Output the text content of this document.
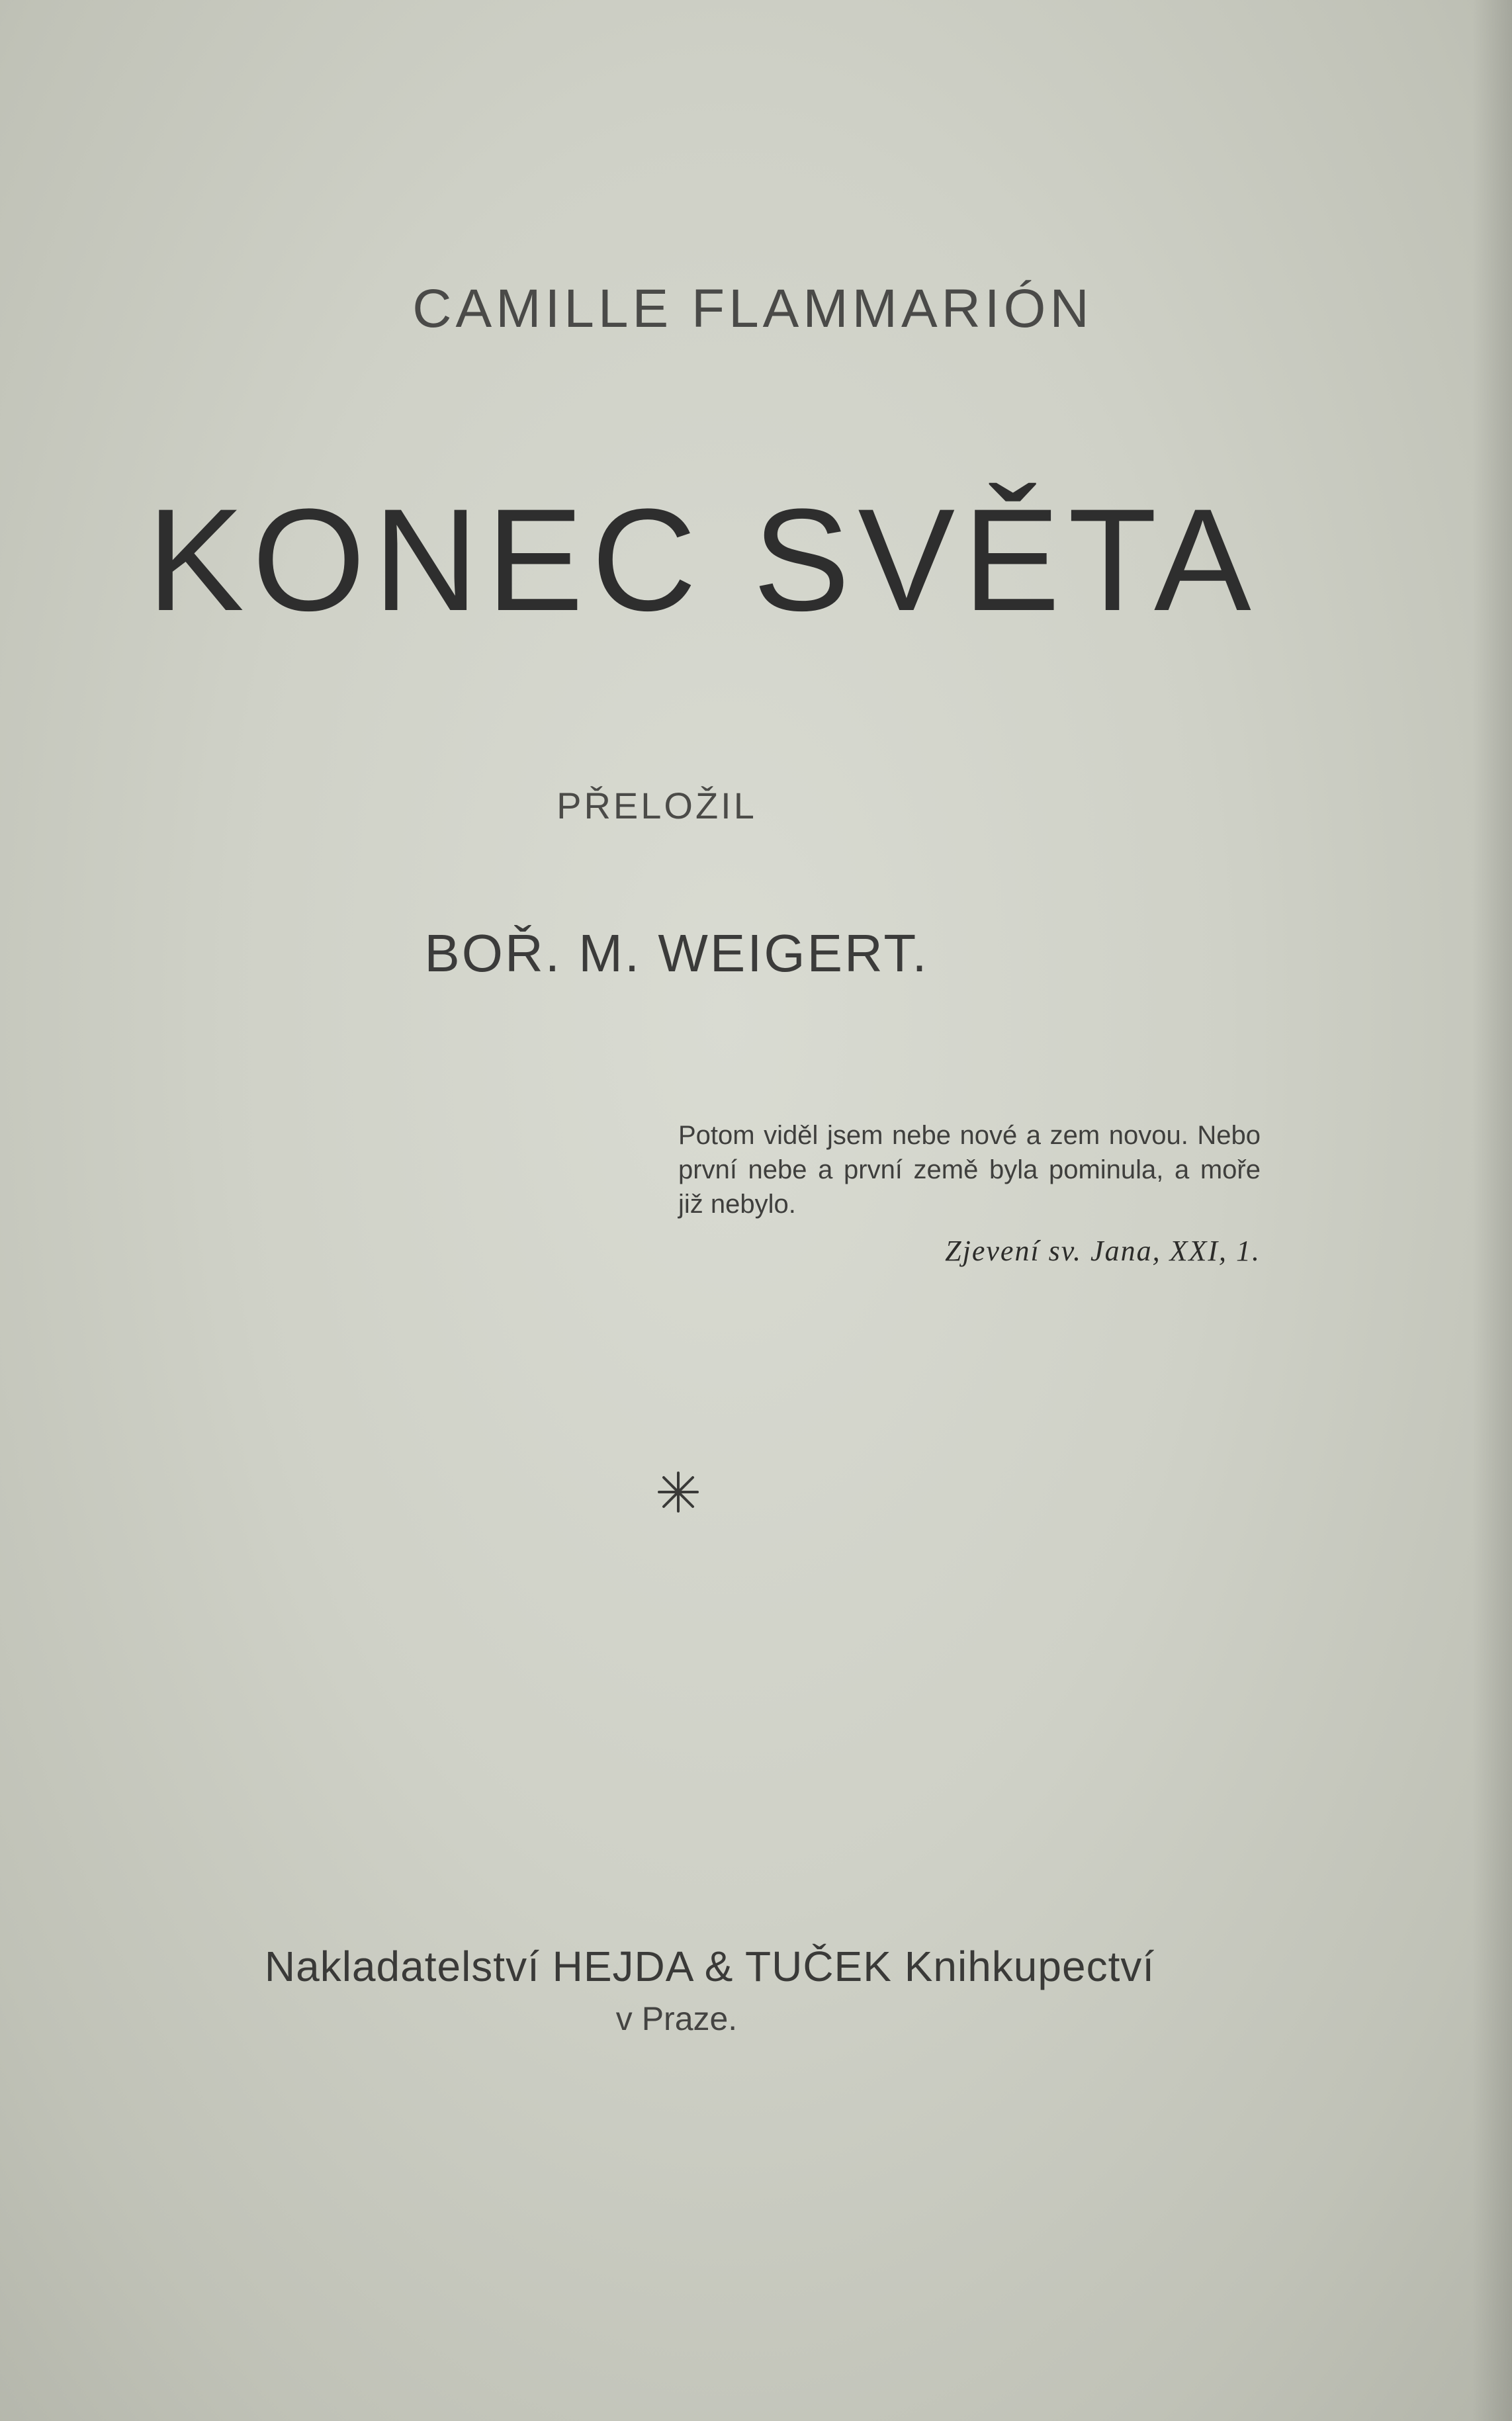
CAMILLE FLAMMARIÓN
KONEC SVĚTA
PŘELOŽIL
BOŘ. M. WEIGERT.
Potom viděl jsem nebe nové a zem novou. Nebo první nebe a první země byla pominula, a moře již nebylo.
Zjevení sv. Jana, XXI, 1.
Nakladatelství HEJDA & TUČEK Knihkupectví
v Praze.
